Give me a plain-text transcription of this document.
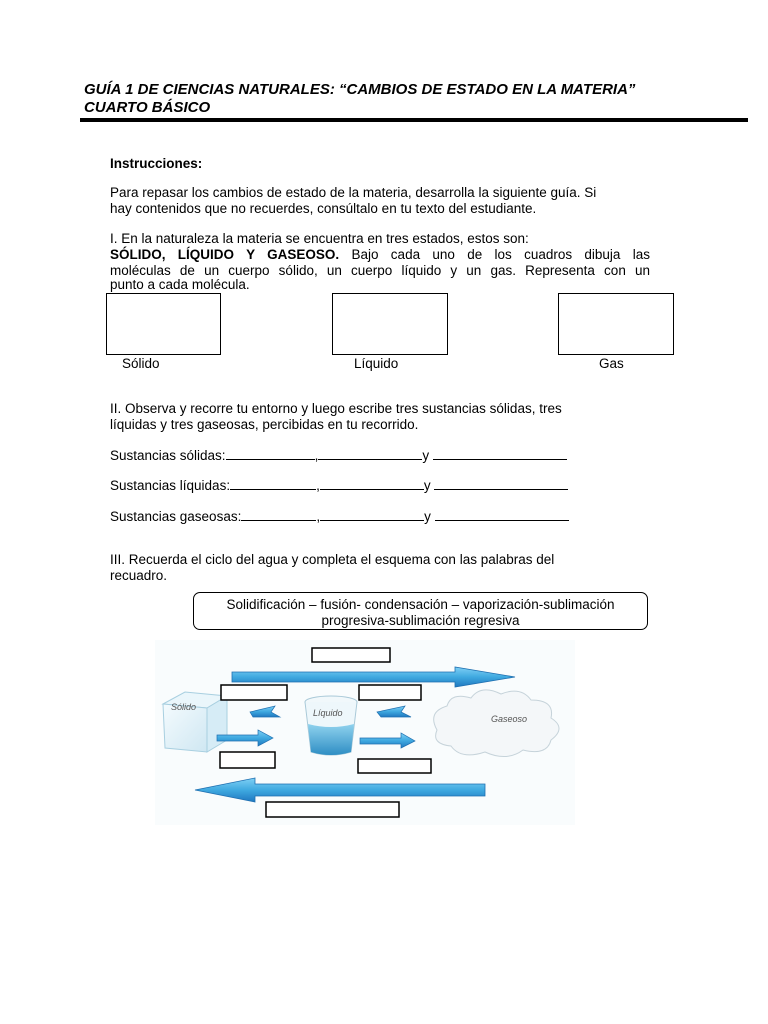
GUÍA 1 DE CIENCIAS NATURALES: “CAMBIOS DE ESTADO EN LA MATERIA”
CUARTO BÁSICO
Instrucciones:
Para repasar los cambios de estado de la materia, desarrolla la siguiente guía. Si
hay contenidos que no recuerdes, consúltalo en tu texto del estudiante.
I. En la naturaleza la materia se encuentra en tres estados, estos son:
SÓLIDO, LÍQUIDO Y GASEOSO. Bajo cada uno de los cuadros dibuja las
moléculas de un cuerpo sólido, un cuerpo líquido y un gas. Representa con un
punto a cada molécula.
Sólido	Líquido	Gas
II. Observa y recorre tu entorno y luego escribe tres sustancias sólidas, tres
líquidas y tres gaseosas, percibidas en tu recorrido.
Sustancias sólidas:	,	y
Sustancias líquidas:	,	y
Sustancias gaseosas:	,	y
III. Recuerda el ciclo del agua y completa el esquema con las palabras del
recuadro.
Solidificación – fusión- condensación – vaporización-sublimación
progresiva-sublimación regresiva
Sólido
Líquido
Gaseoso
